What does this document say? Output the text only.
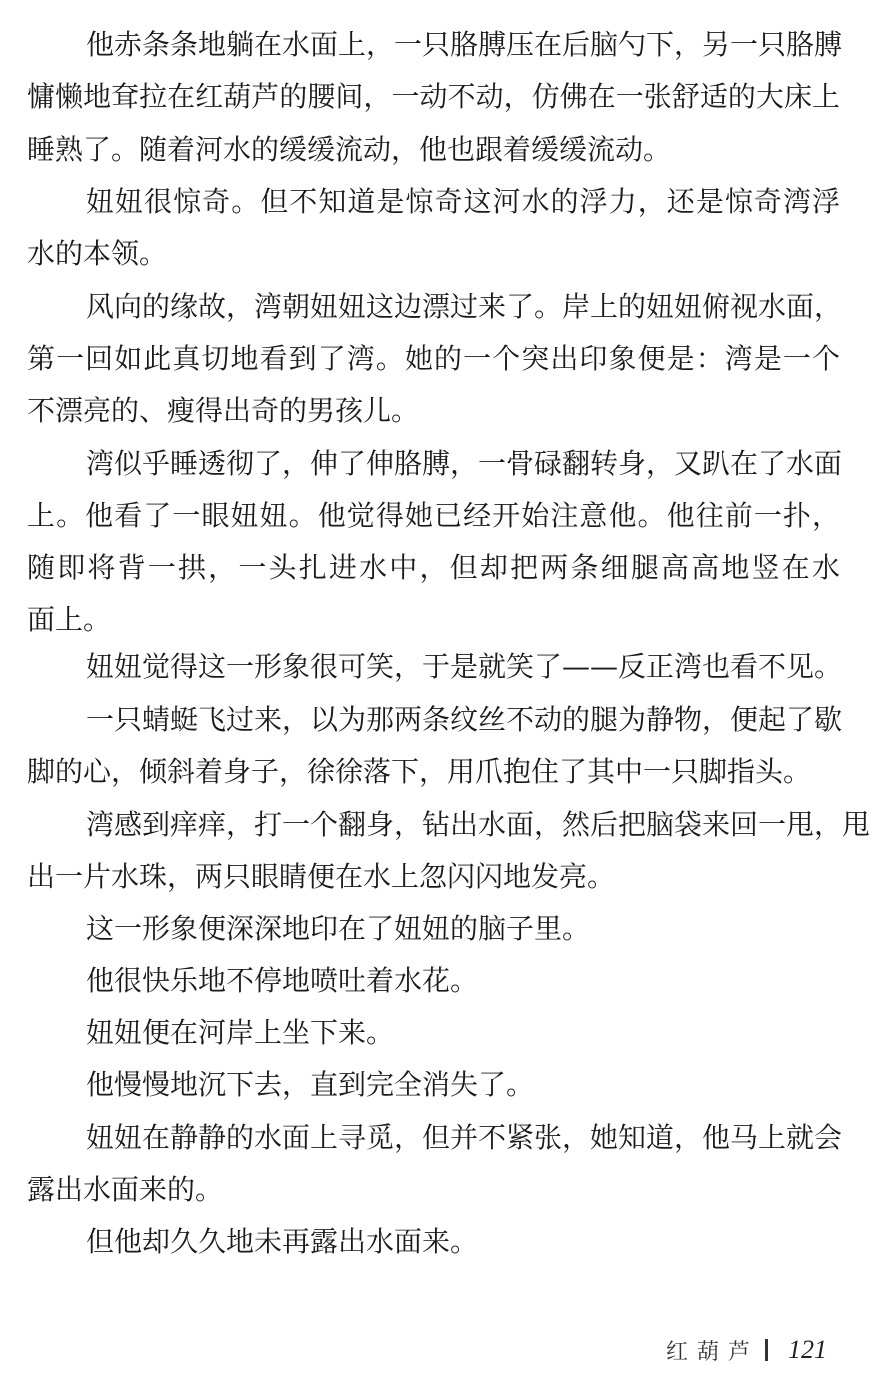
他赤条条地躺在水面上，一只胳膊压在后脑勺下，另一只胳膊
慵懒地耷拉在红葫芦的腰间，一动不动，仿佛在一张舒适的大床上
睡熟了。随着河水的缓缓流动，他也跟着缓缓流动。
妞妞很惊奇。但不知道是惊奇这河水的浮力，还是惊奇湾浮
水的本领。
风向的缘故，湾朝妞妞这边漂过来了。岸上的妞妞俯视水面，
第一回如此真切地看到了湾。她的一个突出印象便是：湾是一个
不漂亮的、瘦得出奇的男孩儿。
湾似乎睡透彻了，伸了伸胳膊，一骨碌翻转身，又趴在了水面
上。他看了一眼妞妞。他觉得她已经开始注意他。他往前一扑，
随即将背一拱，一头扎进水中，但却把两条细腿高高地竖在水
面上。
妞妞觉得这一形象很可笑，于是就笑了——反正湾也看不见。
一只蜻蜓飞过来，以为那两条纹丝不动的腿为静物，便起了歇
脚的心，倾斜着身子，徐徐落下，用爪抱住了其中一只脚指头。
湾感到痒痒，打一个翻身，钻出水面，然后把脑袋来回一甩，甩
出一片水珠，两只眼睛便在水上忽闪闪地发亮。
这一形象便深深地印在了妞妞的脑子里。
他很快乐地不停地喷吐着水花。
妞妞便在河岸上坐下来。
他慢慢地沉下去，直到完全消失了。
妞妞在静静的水面上寻觅，但并不紧张，她知道，他马上就会
露出水面来的。
但他却久久地未再露出水面来。
红葫芦 121
